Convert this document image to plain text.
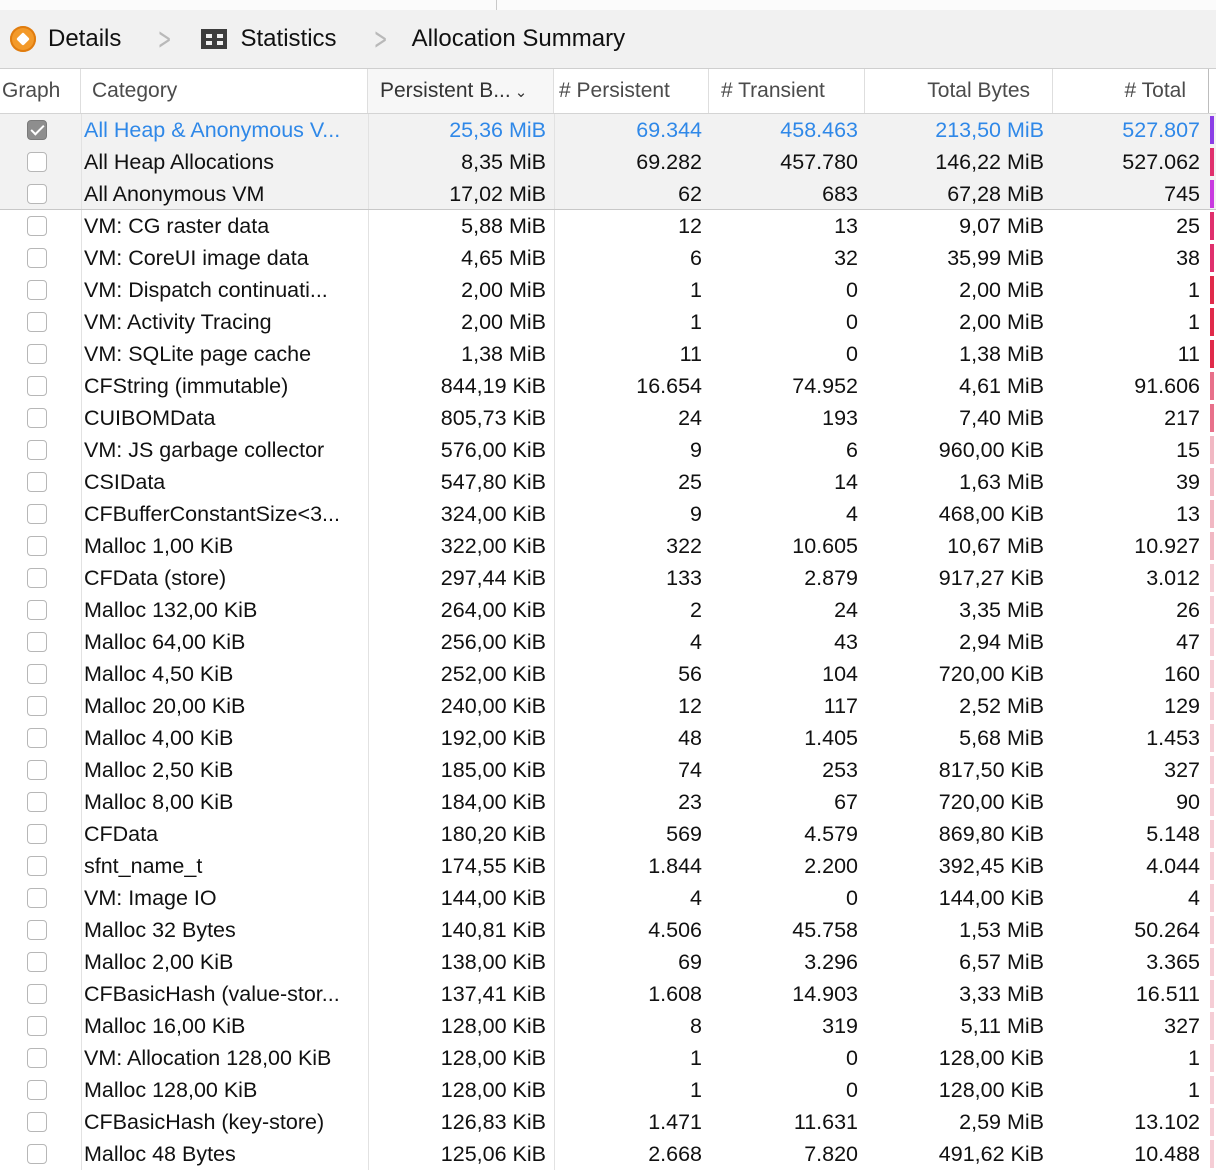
Details	>	Statistics	>	Allocation Summary
Graph	Category	Persistent B... ⌄	# Persistent	# Transient	Total Bytes	# Total
All Heap & Anonymous V...	25,36 MiB	69.344	458.463	213,50 MiB	527.807
All Heap Allocations	8,35 MiB	69.282	457.780	146,22 MiB	527.062
All Anonymous VM	17,02 MiB	62	683	67,28 MiB	745
VM: CG raster data	5,88 MiB	12	13	9,07 MiB	25
VM: CoreUI image data	4,65 MiB	6	32	35,99 MiB	38
VM: Dispatch continuati...	2,00 MiB	1	0	2,00 MiB	1
VM: Activity Tracing	2,00 MiB	1	0	2,00 MiB	1
VM: SQLite page cache	1,38 MiB	11	0	1,38 MiB	11
CFString (immutable)	844,19 KiB	16.654	74.952	4,61 MiB	91.606
CUIBOMData	805,73 KiB	24	193	7,40 MiB	217
VM: JS garbage collector	576,00 KiB	9	6	960,00 KiB	15
CSIData	547,80 KiB	25	14	1,63 MiB	39
CFBufferConstantSize<3...	324,00 KiB	9	4	468,00 KiB	13
Malloc 1,00 KiB	322,00 KiB	322	10.605	10,67 MiB	10.927
CFData (store)	297,44 KiB	133	2.879	917,27 KiB	3.012
Malloc 132,00 KiB	264,00 KiB	2	24	3,35 MiB	26
Malloc 64,00 KiB	256,00 KiB	4	43	2,94 MiB	47
Malloc 4,50 KiB	252,00 KiB	56	104	720,00 KiB	160
Malloc 20,00 KiB	240,00 KiB	12	117	2,52 MiB	129
Malloc 4,00 KiB	192,00 KiB	48	1.405	5,68 MiB	1.453
Malloc 2,50 KiB	185,00 KiB	74	253	817,50 KiB	327
Malloc 8,00 KiB	184,00 KiB	23	67	720,00 KiB	90
CFData	180,20 KiB	569	4.579	869,80 KiB	5.148
sfnt_name_t	174,55 KiB	1.844	2.200	392,45 KiB	4.044
VM: Image IO	144,00 KiB	4	0	144,00 KiB	4
Malloc 32 Bytes	140,81 KiB	4.506	45.758	1,53 MiB	50.264
Malloc 2,00 KiB	138,00 KiB	69	3.296	6,57 MiB	3.365
CFBasicHash (value-stor...	137,41 KiB	1.608	14.903	3,33 MiB	16.511
Malloc 16,00 KiB	128,00 KiB	8	319	5,11 MiB	327
VM: Allocation 128,00 KiB	128,00 KiB	1	0	128,00 KiB	1
Malloc 128,00 KiB	128,00 KiB	1	0	128,00 KiB	1
CFBasicHash (key-store)	126,83 KiB	1.471	11.631	2,59 MiB	13.102
Malloc 48 Bytes	125,06 KiB	2.668	7.820	491,62 KiB	10.488
